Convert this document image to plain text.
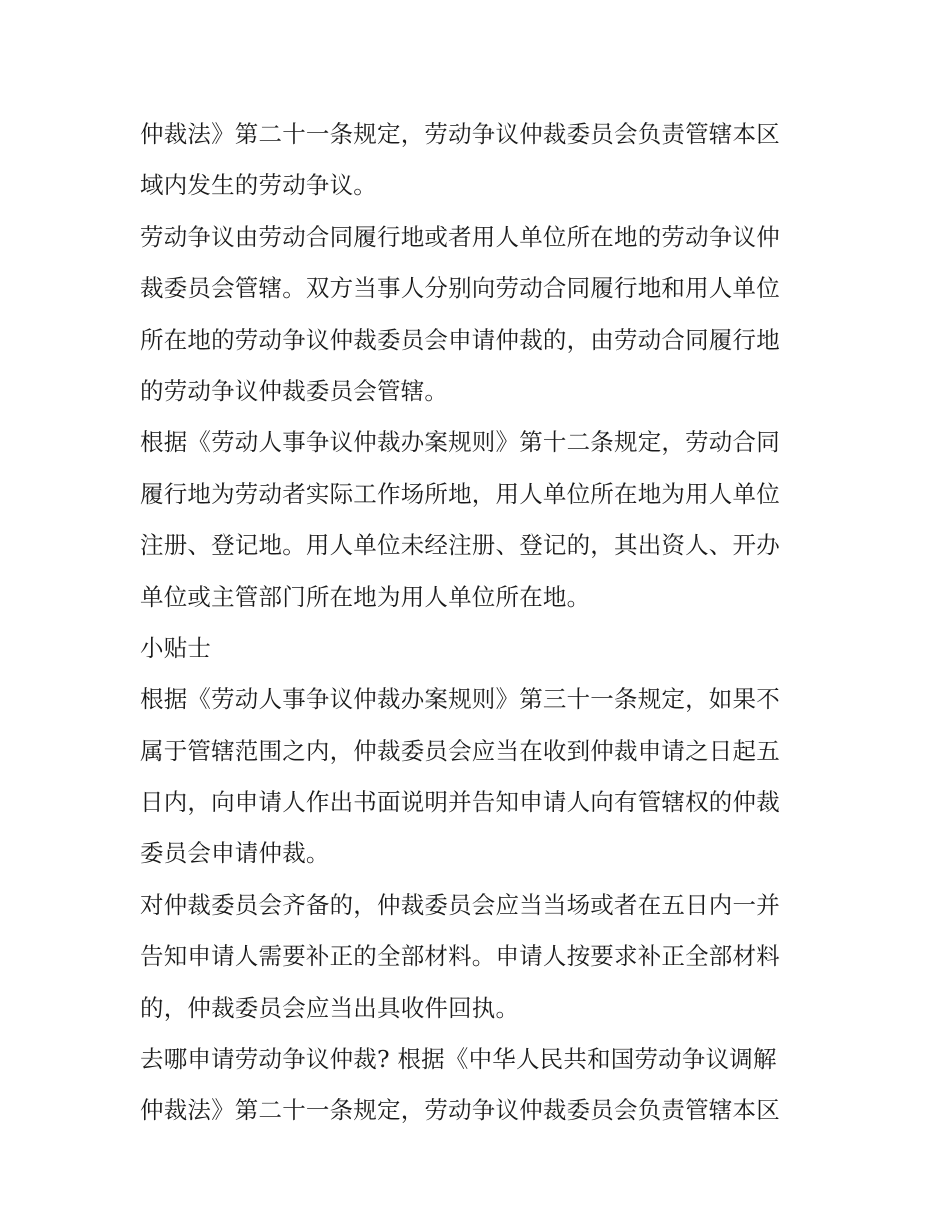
仲裁法》第二十一条规定，劳动争议仲裁委员会负责管辖本区
域内发生的劳动争议。
劳动争议由劳动合同履行地或者用人单位所在地的劳动争议仲
裁委员会管辖。双方当事人分别向劳动合同履行地和用人单位
所在地的劳动争议仲裁委员会申请仲裁的，由劳动合同履行地
的劳动争议仲裁委员会管辖。
根据《劳动人事争议仲裁办案规则》第十二条规定，劳动合同
履行地为劳动者实际工作场所地，用人单位所在地为用人单位
注册、登记地。用人单位未经注册、登记的，其出资人、开办
单位或主管部门所在地为用人单位所在地。
小贴士
根据《劳动人事争议仲裁办案规则》第三十一条规定，如果不
属于管辖范围之内，仲裁委员会应当在收到仲裁申请之日起五
日内，向申请人作出书面说明并告知申请人向有管辖权的仲裁
委员会申请仲裁。
对仲裁委员会齐备的，仲裁委员会应当当场或者在五日内一并
告知申请人需要补正的全部材料。申请人按要求补正全部材料
的，仲裁委员会应当出具收件回执。
去哪申请劳动争议仲裁? 根据《中华人民共和国劳动争议调解
仲裁法》第二十一条规定，劳动争议仲裁委员会负责管辖本区
